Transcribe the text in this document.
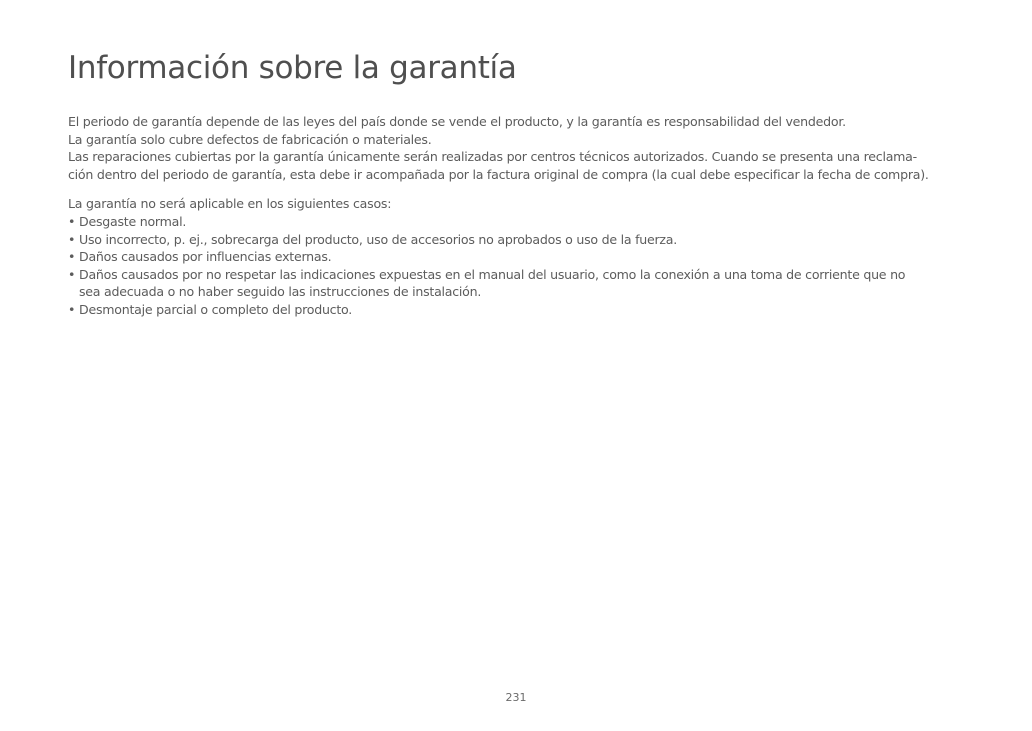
Información sobre la garantía

El periodo de garantía depende de las leyes del país donde se vende el producto, y la garantía es responsabilidad del vendedor.

La garantía solo cubre defectos de fabricación o materiales.

Las reparaciones cubiertas por la garantía únicamente serán realizadas por centros técnicos autorizados. Cuando se presenta una reclama-

ción dentro del periodo de garantía, esta debe ir acompañada por la factura original de compra (la cual debe especificar la fecha de compra).

La garantía no será aplicable en los siguientes casos:

• Desgaste normal.
• Uso incorrecto, p. ej., sobrecarga del producto, uso de accesorios no aprobados o uso de la fuerza.
• Daños causados por influencias externas.
• Daños causados por no respetar las indicaciones expuestas en el manual del usuario, como la conexión a una toma de corriente que no
sea adecuada o no haber seguido las instrucciones de instalación.
• Desmontaje parcial o completo del producto.
231
